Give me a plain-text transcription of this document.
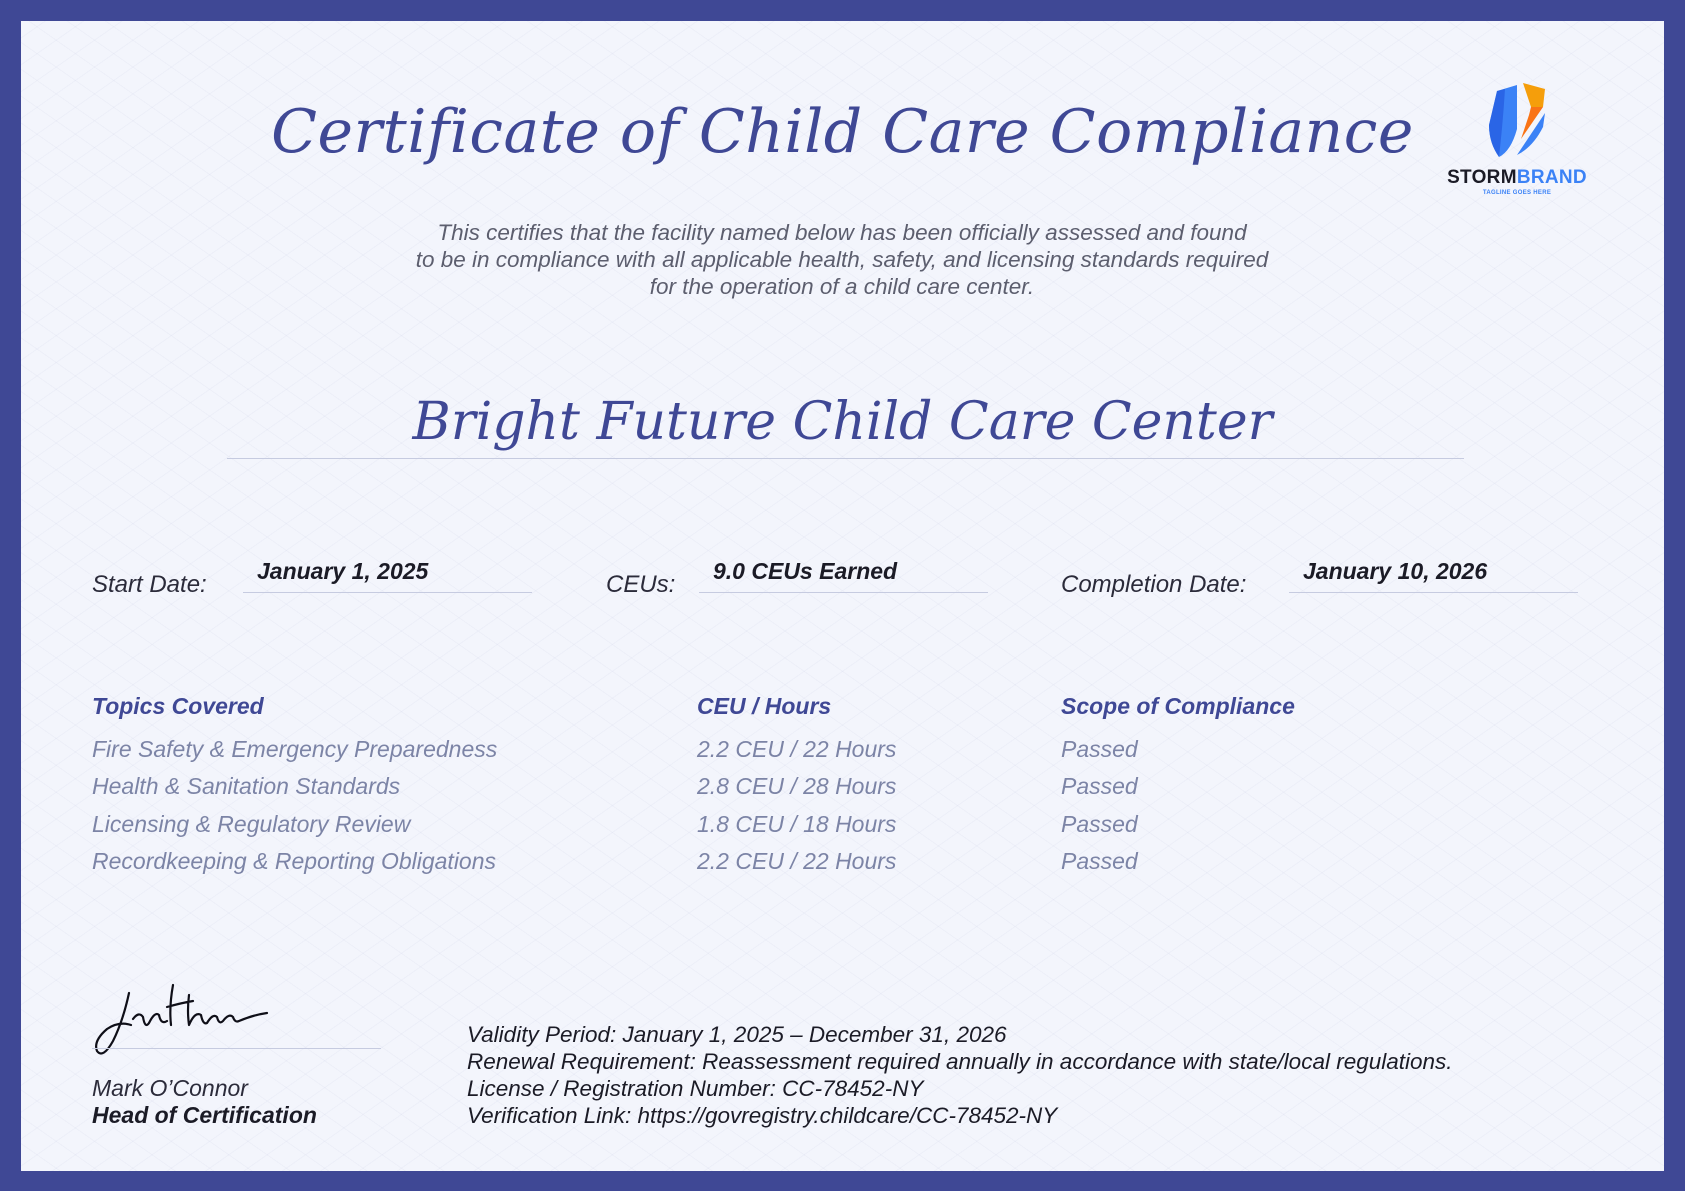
Certificate of Child Care Compliance
STORMBRAND
TAGLINE GOES HERE
This certifies that the facility named below has been officially assessed and found
to be in compliance with all applicable health, safety, and licensing standards required
for the operation of a child care center.
Bright Future Child Care Center
Start Date: January 1, 2025	CEUs: 9.0 CEUs Earned	Completion Date: January 10, 2026
Topics Covered	CEU / Hours	Scope of Compliance
Fire Safety & Emergency Preparedness	2.2 CEU / 22 Hours	Passed
Health & Sanitation Standards	2.8 CEU / 28 Hours	Passed
Licensing & Regulatory Review	1.8 CEU / 18 Hours	Passed
Recordkeeping & Reporting Obligations	2.2 CEU / 22 Hours	Passed
Mark O’Connor
Head of Certification
Validity Period: January 1, 2025 – December 31, 2026
Renewal Requirement: Reassessment required annually in accordance with state/local regulations.
License / Registration Number: CC-78452-NY
Verification Link: https://govregistry.childcare/CC-78452-NY
